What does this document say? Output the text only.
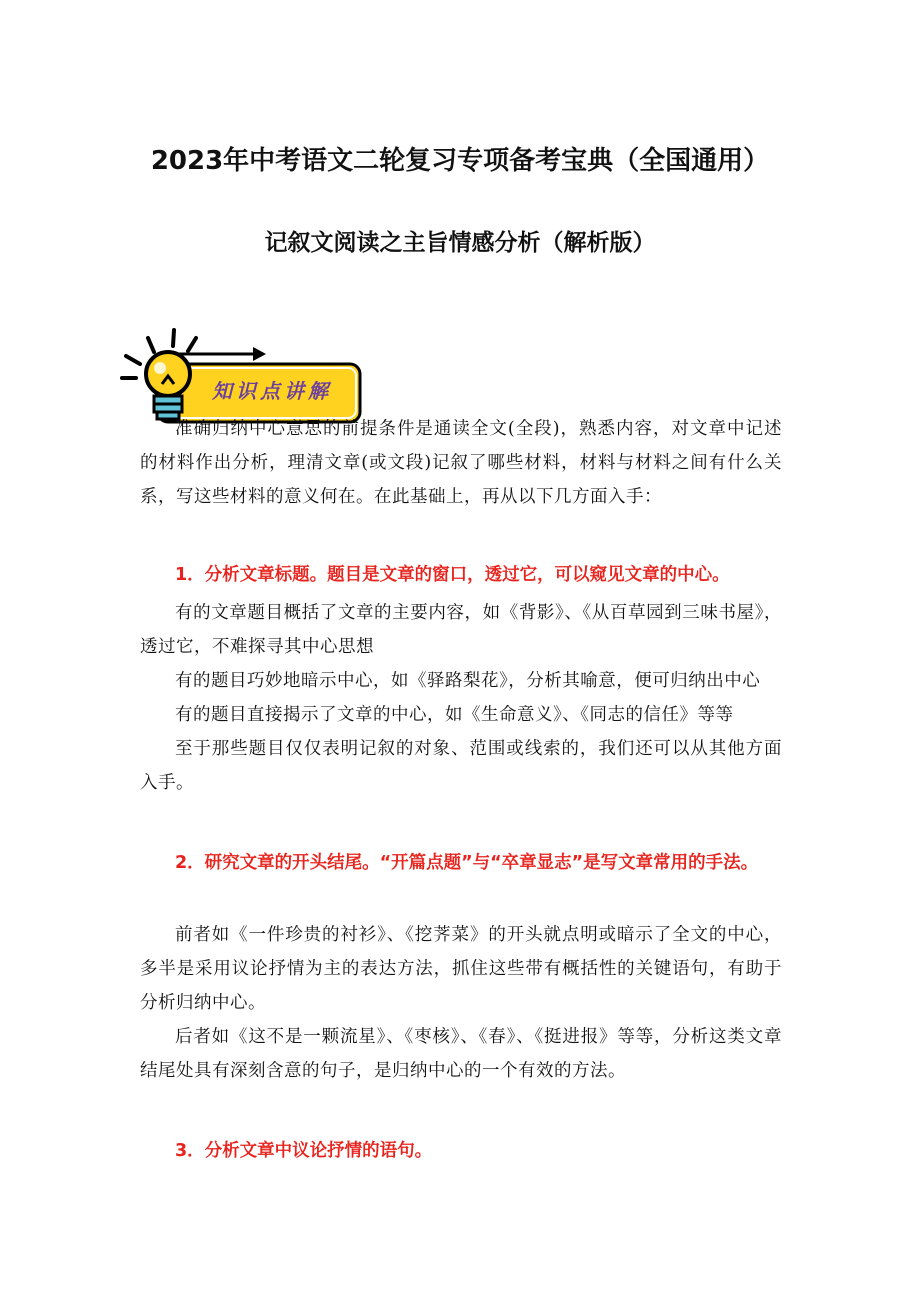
2023年中考语文二轮复习专项备考宝典（全国通用）
记叙文阅读之主旨情感分析（解析版）
知识点讲解

准确归纳中心意思的前提条件是通读全文(全段)，熟悉内容，对文章中记述的材料作出分析，理清文章(或文段)记叙了哪些材料，材料与材料之间有什么关系，写这些材料的意义何在。在此基础上，再从以下几方面入手：

1．分析文章标题。题目是文章的窗口，透过它，可以窥见文章的中心。

有的文章题目概括了文章的主要内容，如《背影》、《从百草园到三味书屋》，透过它，不难探寻其中心思想

有的题目巧妙地暗示中心，如《驿路梨花》，分析其喻意，便可归纳出中心

有的题目直接揭示了文章的中心，如《生命意义》、《同志的信任》等等

至于那些题目仅仅表明记叙的对象、范围或线索的，我们还可以从其他方面入手。

2．研究文章的开头结尾。“开篇点题”与“卒章显志”是写文章常用的手法。

前者如《一件珍贵的衬衫》、《挖荠菜》的开头就点明或暗示了全文的中心，多半是采用议论抒情为主的表达方法，抓住这些带有概括性的关键语句，有助于分析归纳中心。

后者如《这不是一颗流星》、《枣核》、《春》、《挺进报》等等，分析这类文章结尾处具有深刻含意的句子，是归纳中心的一个有效的方法。

3．分析文章中议论抒情的语句。
